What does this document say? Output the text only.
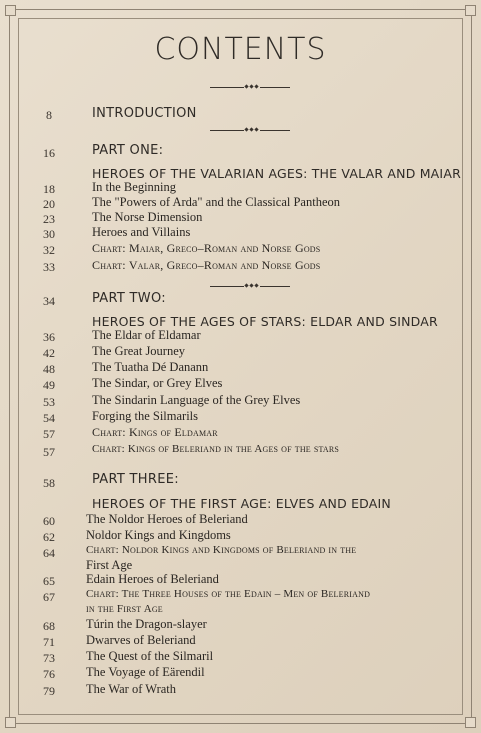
CONTENTS
8	INTRODUCTION
16	PART ONE:
HEROES OF THE VALARIAN AGES: THE VALAR AND MAIAR
18	In the Beginning
20	The "Powers of Arda" and the Classical Pantheon
23	The Norse Dimension
30	Heroes and Villains
32	Chart: Maiar, Greco–Roman and Norse Gods
33	Chart: Valar, Greco–Roman and Norse Gods
34	PART TWO:
HEROES OF THE AGES OF STARS: ELDAR AND SINDAR
36	The Eldar of Eldamar
42	The Great Journey
48	The Tuatha Dé Danann
49	The Sindar, or Grey Elves
53	The Sindarin Language of the Grey Elves
54	Forging the Silmarils
57	Chart: Kings of Eldamar
57	Chart: Kings of Beleriand in the Ages of the stars
58	PART THREE:
HEROES OF THE FIRST AGE: ELVES AND EDAIN
60	The Noldor Heroes of Beleriand
62	Noldor Kings and Kingdoms
64	Chart: Noldor Kings and Kingdoms of Beleriand in the
First Age
65	Edain Heroes of Beleriand
67	Chart: The Three Houses of the Edain – Men of Beleriand
in the First Age
68	Túrin the Dragon-slayer
71	Dwarves of Beleriand
73	The Quest of the Silmaril
76	The Voyage of Eärendil
79	The War of Wrath
